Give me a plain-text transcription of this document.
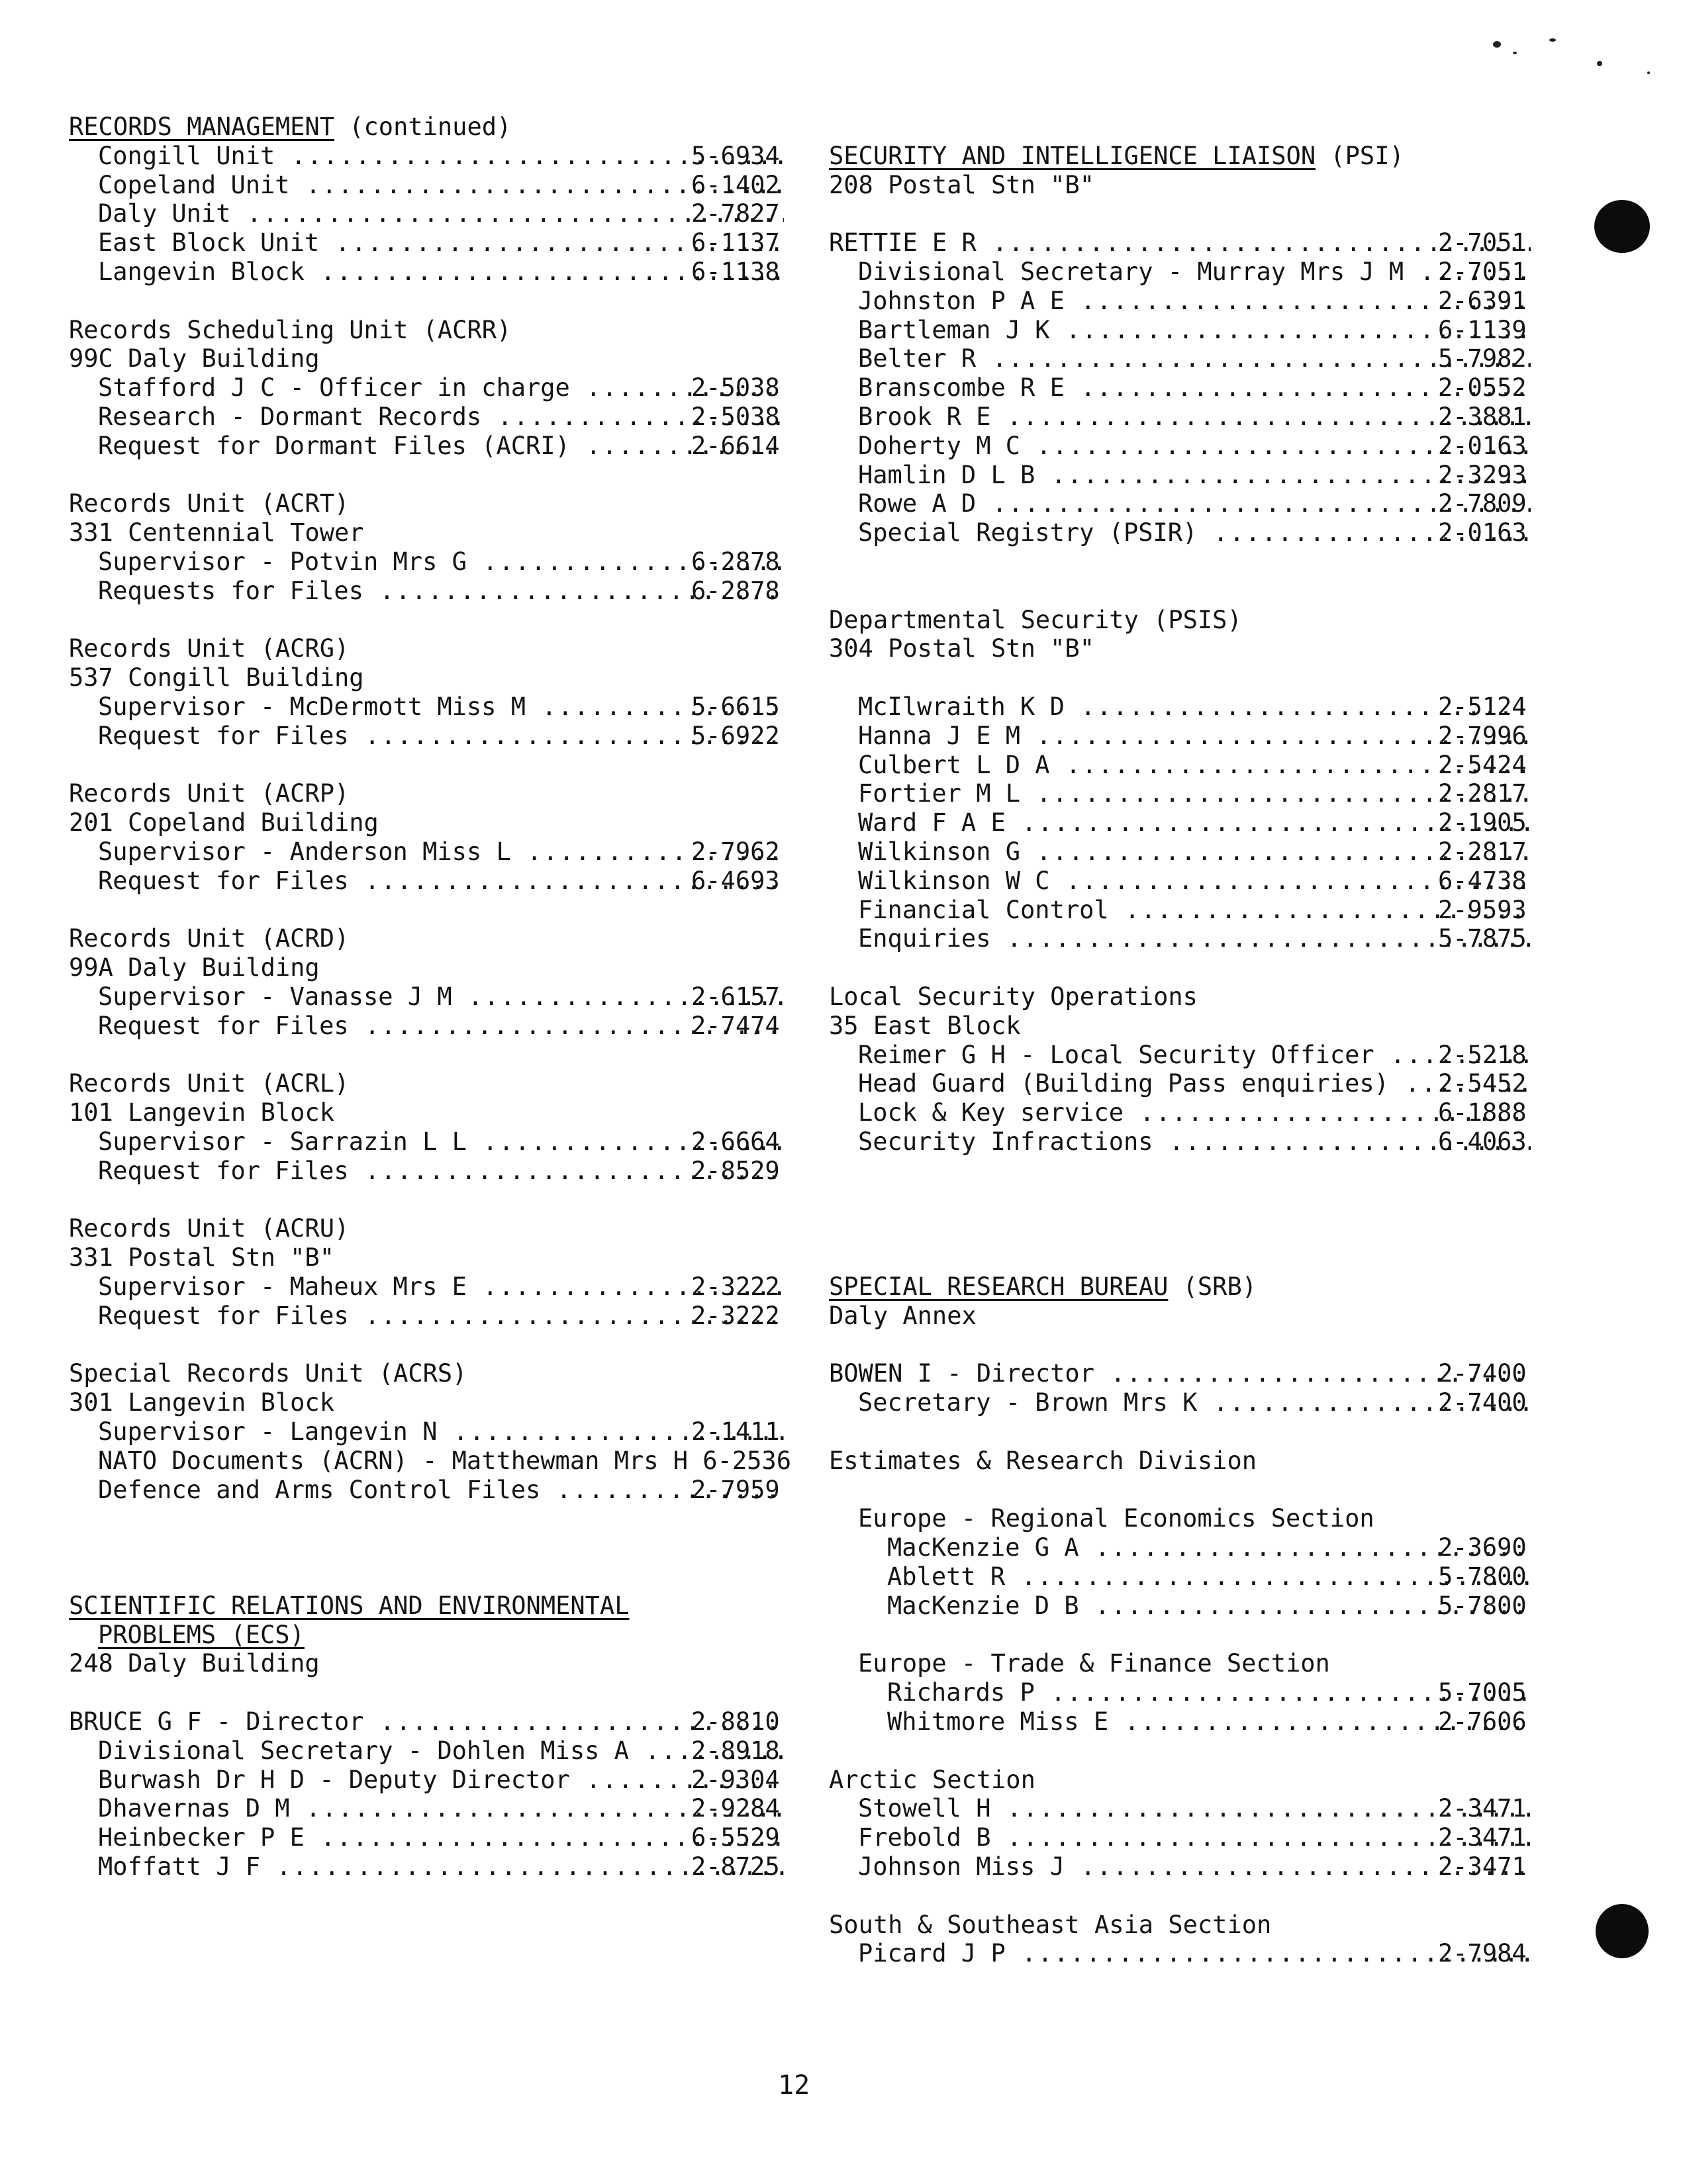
RECORDS MANAGEMENT (continued)
Congill Unit .....	5-6934
Copeland Unit .....	6-1402
Daly Unit .....	2-7827
East Block Unit .....	6-1137
Langevin Block .....	6-1138
Records Scheduling Unit (ACRR)
99C Daly Building
Stafford J C - Officer in charge .....	2-5038
Research - Dormant Records .....	2-5038
Request for Dormant Files (ACRI) .....	2-6614
Records Unit (ACRT)
331 Centennial Tower
Supervisor - Potvin Mrs G .....	6-2878
Requests for Files .....	6-2878
Records Unit (ACRG)
537 Congill Building
Supervisor - McDermott Miss M .....	5-6615
Request for Files .....	5-6922
Records Unit (ACRP)
201 Copeland Building
Supervisor - Anderson Miss L .....	2-7962
Request for Files .....	6-4693
Records Unit (ACRD)
99A Daly Building
Supervisor - Vanasse J M .....	2-6157
Request for Files .....	2-7474
Records Unit (ACRL)
101 Langevin Block
Supervisor - Sarrazin L L .....	2-6664
Request for Files .....	2-8529
Records Unit (ACRU)
331 Postal Stn "B"
Supervisor - Maheux Mrs E .....	2-3222
Request for Files .....	2-3222
Special Records Unit (ACRS)
301 Langevin Block
Supervisor - Langevin N .....	2-1411
NATO Documents (ACRN) - Matthewman Mrs H 6-2536
Defence and Arms Control Files .....	2-7959
SCIENTIFIC RELATIONS AND ENVIRONMENTAL
PROBLEMS (ECS)
248 Daly Building
BRUCE G F - Director .....	2-8810
Divisional Secretary - Dohlen Miss A .....	2-8918
Burwash Dr H D - Deputy Director .....	2-9304
Dhavernas D M .....	2-9284
Heinbecker P E .....	6-5529
Moffatt J F .....	2-8725
SECURITY AND INTELLIGENCE LIAISON (PSI)
208 Postal Stn "B"
RETTIE E R .....	2-7051
Divisional Secretary - Murray Mrs J M .....	2-7051
Johnston P A E .....	2-6391
Bartleman J K .....	6-1139
Belter R .....	5-7982
Branscombe R E .....	2-0552
Brook R E .....	2-3881
Doherty M C .....	2-0163
Hamlin D L B .....	2-3293
Rowe A D .....	2-7809
Special Registry (PSIR) .....	2-0163
Departmental Security (PSIS)
304 Postal Stn "B"
McIlwraith K D .....	2-5124
Hanna J E M .....	2-7996
Culbert L D A .....	2-5424
Fortier M L .....	2-2817
Ward F A E .....	2-1905
Wilkinson G .....	2-2817
Wilkinson W C .....	6-4738
Financial Control .....	2-9593
Enquiries .....	5-7875
Local Security Operations
35 East Block
Reimer G H - Local Security Officer .....	2-5218
Head Guard (Building Pass enquiries) .....	2-5452
Lock & Key service .....	6-1888
Security Infractions .....	6-4063
SPECIAL RESEARCH BUREAU (SRB)
Daly Annex
BOWEN I - Director .....	2-7400
Secretary - Brown Mrs K .....	2-7400
Estimates & Research Division
Europe - Regional Economics Section
MacKenzie G A .....	2-3690
Ablett R .....	5-7800
MacKenzie D B .....	5-7800
Europe - Trade & Finance Section
Richards P .....	5-7005
Whitmore Miss E .....	2-7606
Arctic Section
Stowell H .....	2-3471
Frebold B .....	2-3471
Johnson Miss J .....	2-3471
South & Southeast Asia Section
Picard J P .....	2-7984
12
